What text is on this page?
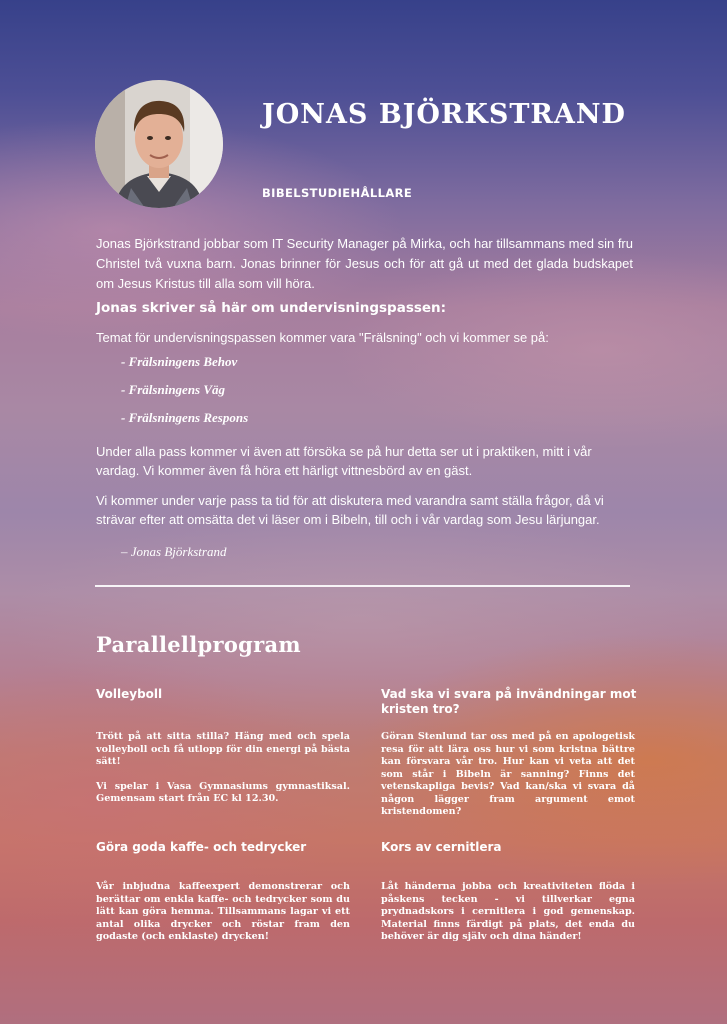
JONAS BJÖRKSTRAND

BIBELSTUDIEHÅLLARE

Jonas Björkstrand jobbar som IT Security Manager på Mirka, och har tillsammans med sin fru Christel två vuxna barn. Jonas brinner för Jesus och för att gå ut med det glada budskapet om Jesus Kristus till alla som vill höra.

Jonas skriver så här om undervisningspassen:

Temat för undervisningspassen kommer vara "Frälsning" och vi kommer se på:

- Frälsningens Behov

- Frälsningens Väg

- Frälsningens Respons

Under alla pass kommer vi även att försöka se på hur detta ser ut i praktiken, mitt i vår vardag. Vi kommer även få höra ett härligt vittnesbörd av en gäst.

Vi kommer under varje pass ta tid för att diskutera med varandra samt ställa frågor, då vi strävar efter att omsätta det vi läser om i Bibeln, till och i vår vardag som Jesu lärjungar.

– Jonas Björkstrand

Parallellprogram
Volleyboll

Trött på att sitta stilla? Häng med och spela volleyboll och få utlopp för din energi på bästa sätt!

Vi spelar i Vasa Gymnasiums gymnastiksal. Gemensam start från EC kl 12.30.

Vad ska vi svara på invändningar mot kristen tro?

Göran Stenlund tar oss med på en apologetisk resa för att lära oss hur vi som kristna bättre kan försvara vår tro. Hur kan vi veta att det som står i Bibeln är sanning? Finns det vetenskapliga bevis? Vad kan/ska vi svara då någon lägger fram argument emot kristendomen?

Göra goda kaffe- och tedrycker

Vår inbjudna kaffeexpert demonstrerar och berättar om enkla kaffe- och tedrycker som du lätt kan göra hemma. Tillsammans lagar vi ett antal olika drycker och röstar fram den godaste (och enklaste) drycken!

Kors av cernitlera

Låt händerna jobba och kreativiteten flöda i påskens tecken - vi tillverkar egna prydnadskors i cernitlera i god gemenskap. Material finns färdigt på plats, det enda du behöver är dig själv och dina händer!
